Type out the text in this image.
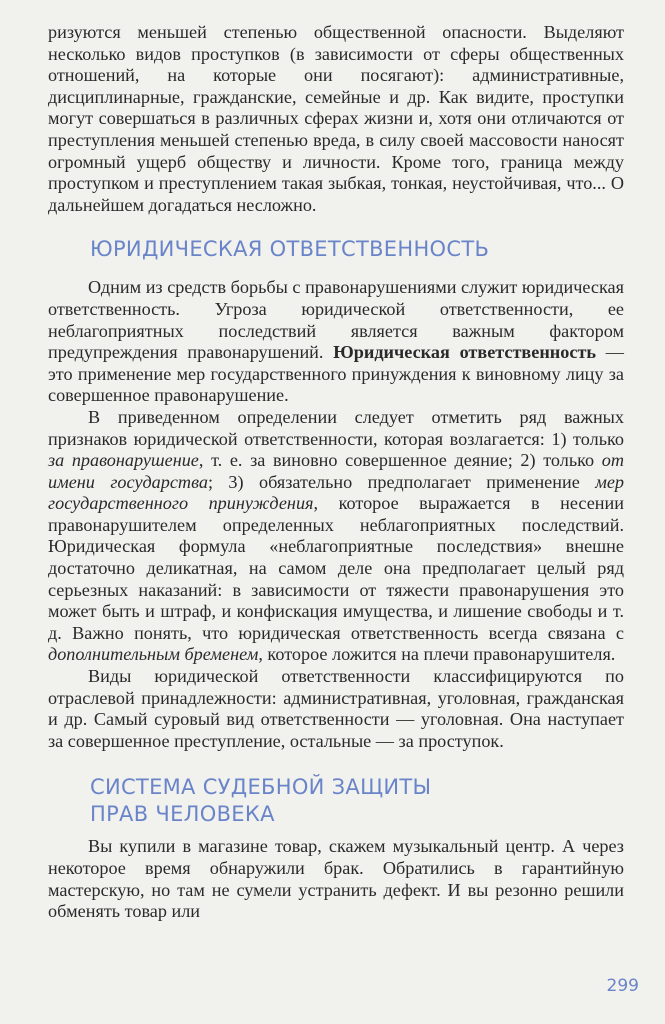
ризуются меньшей степенью общественной опасности. Выделяют несколько видов проступков (в зависимости от сферы общественных отношений, на которые они посягают): административные, дисциплинарные, гражданские, семейные и др. Как видите, проступки могут совершаться в различных сферах жизни и, хотя они отличаются от преступления меньшей степенью вреда, в силу своей массовости наносят огромный ущерб обществу и личности. Кроме того, граница между проступком и преступлением такая зыбкая, тонкая, неустойчивая, что... О дальнейшем догадаться несложно.

ЮРИДИЧЕСКАЯ ОТВЕТСТВЕННОСТЬ

Одним из средств борьбы с правонарушениями служит юридическая ответственность. Угроза юридической ответственности, ее неблагоприятных последствий является важным фактором предупреждения правонарушений. Юридическая ответственность — это применение мер государственного принуждения к виновному лицу за совершенное правонарушение.

В приведенном определении следует отметить ряд важных признаков юридической ответственности, которая возлагается: 1) только за правонарушение, т. е. за виновно совершенное деяние; 2) только от имени государства; 3) обязательно предполагает применение мер государственного принуждения, которое выражается в несении правонарушителем определенных неблагоприятных последствий. Юридическая формула «неблагоприятные последствия» внешне достаточно деликатная, на самом деле она предполагает целый ряд серьезных наказаний: в зависимости от тяжести правонарушения это может быть и штраф, и конфискация имущества, и лишение свободы и т. д. Важно понять, что юридическая ответственность всегда связана с дополнительным бременем, которое ложится на плечи правонарушителя.

Виды юридической ответственности классифицируются по отраслевой принадлежности: административная, уголовная, гражданская и др. Самый суровый вид ответственности — уголовная. Она наступает за совершенное преступление, остальные — за проступок.

СИСТЕМА СУДЕБНОЙ ЗАЩИТЫ
ПРАВ ЧЕЛОВЕКА

Вы купили в магазине товар, скажем музыкальный центр. А через некоторое время обнаружили брак. Обратились в гарантийную мастерскую, но там не сумели устранить дефект. И вы резонно решили обменять товар или

299
